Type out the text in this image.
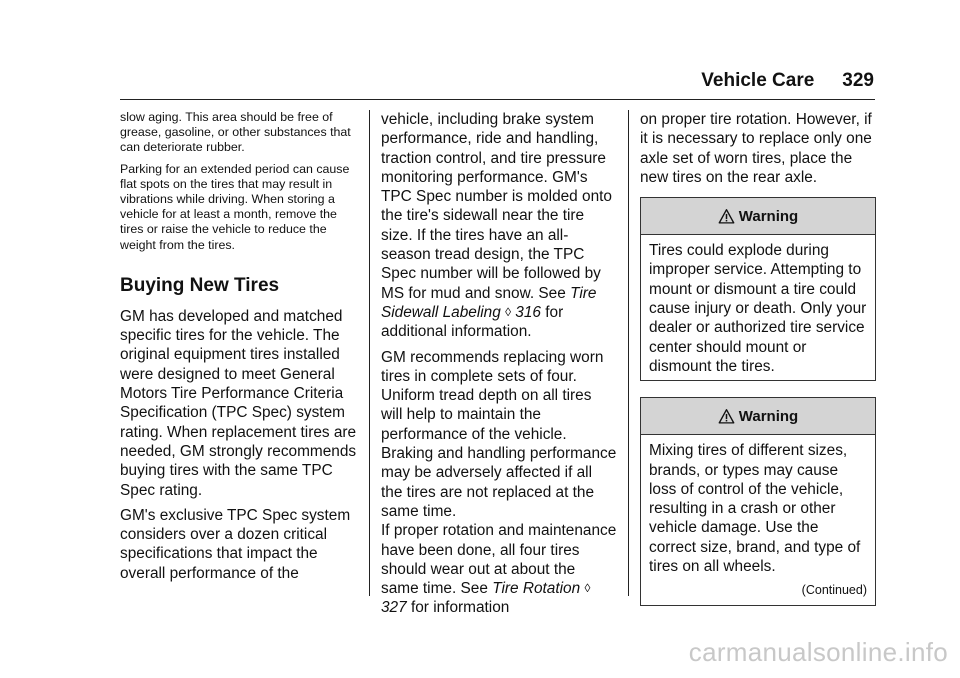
Vehicle Care 329

slow aging. This area should be free of grease, gasoline, or other substances that can deteriorate rubber.

Parking for an extended period can cause flat spots on the tires that may result in vibrations while driving. When storing a vehicle for at least a month, remove the tires or raise the vehicle to reduce the weight from the tires.

Buying New Tires

GM has developed and matched specific tires for the vehicle. The original equipment tires installed were designed to meet General Motors Tire Performance Criteria Specification (TPC Spec) system rating. When replacement tires are needed, GM strongly recommends buying tires with the same TPC Spec rating.

GM's exclusive TPC Spec system considers over a dozen critical specifications that impact the overall performance of the

vehicle, including brake system performance, ride and handling, traction control, and tire pressure monitoring performance. GM's TPC Spec number is molded onto the tire's sidewall near the tire size. If the tires have an all-season tread design, the TPC Spec number will be followed by MS for mud and snow. See Tire Sidewall Labeling ◊ 316 for additional information.

GM recommends replacing worn tires in complete sets of four. Uniform tread depth on all tires will help to maintain the performance of the vehicle. Braking and handling performance may be adversely affected if all the tires are not replaced at the same time.

If proper rotation and maintenance have been done, all four tires should wear out at about the same time. See Tire Rotation ◊ 327 for information

on proper tire rotation. However, if it is necessary to replace only one axle set of worn tires, place the new tires on the rear axle.

Warning

Tires could explode during improper service. Attempting to mount or dismount a tire could cause injury or death. Only your dealer or authorized tire service center should mount or dismount the tires.

Warning

Mixing tires of different sizes, brands, or types may cause loss of control of the vehicle, resulting in a crash or other vehicle damage. Use the correct size, brand, and type of tires on all wheels.

(Continued)
carmanualsonline.info
